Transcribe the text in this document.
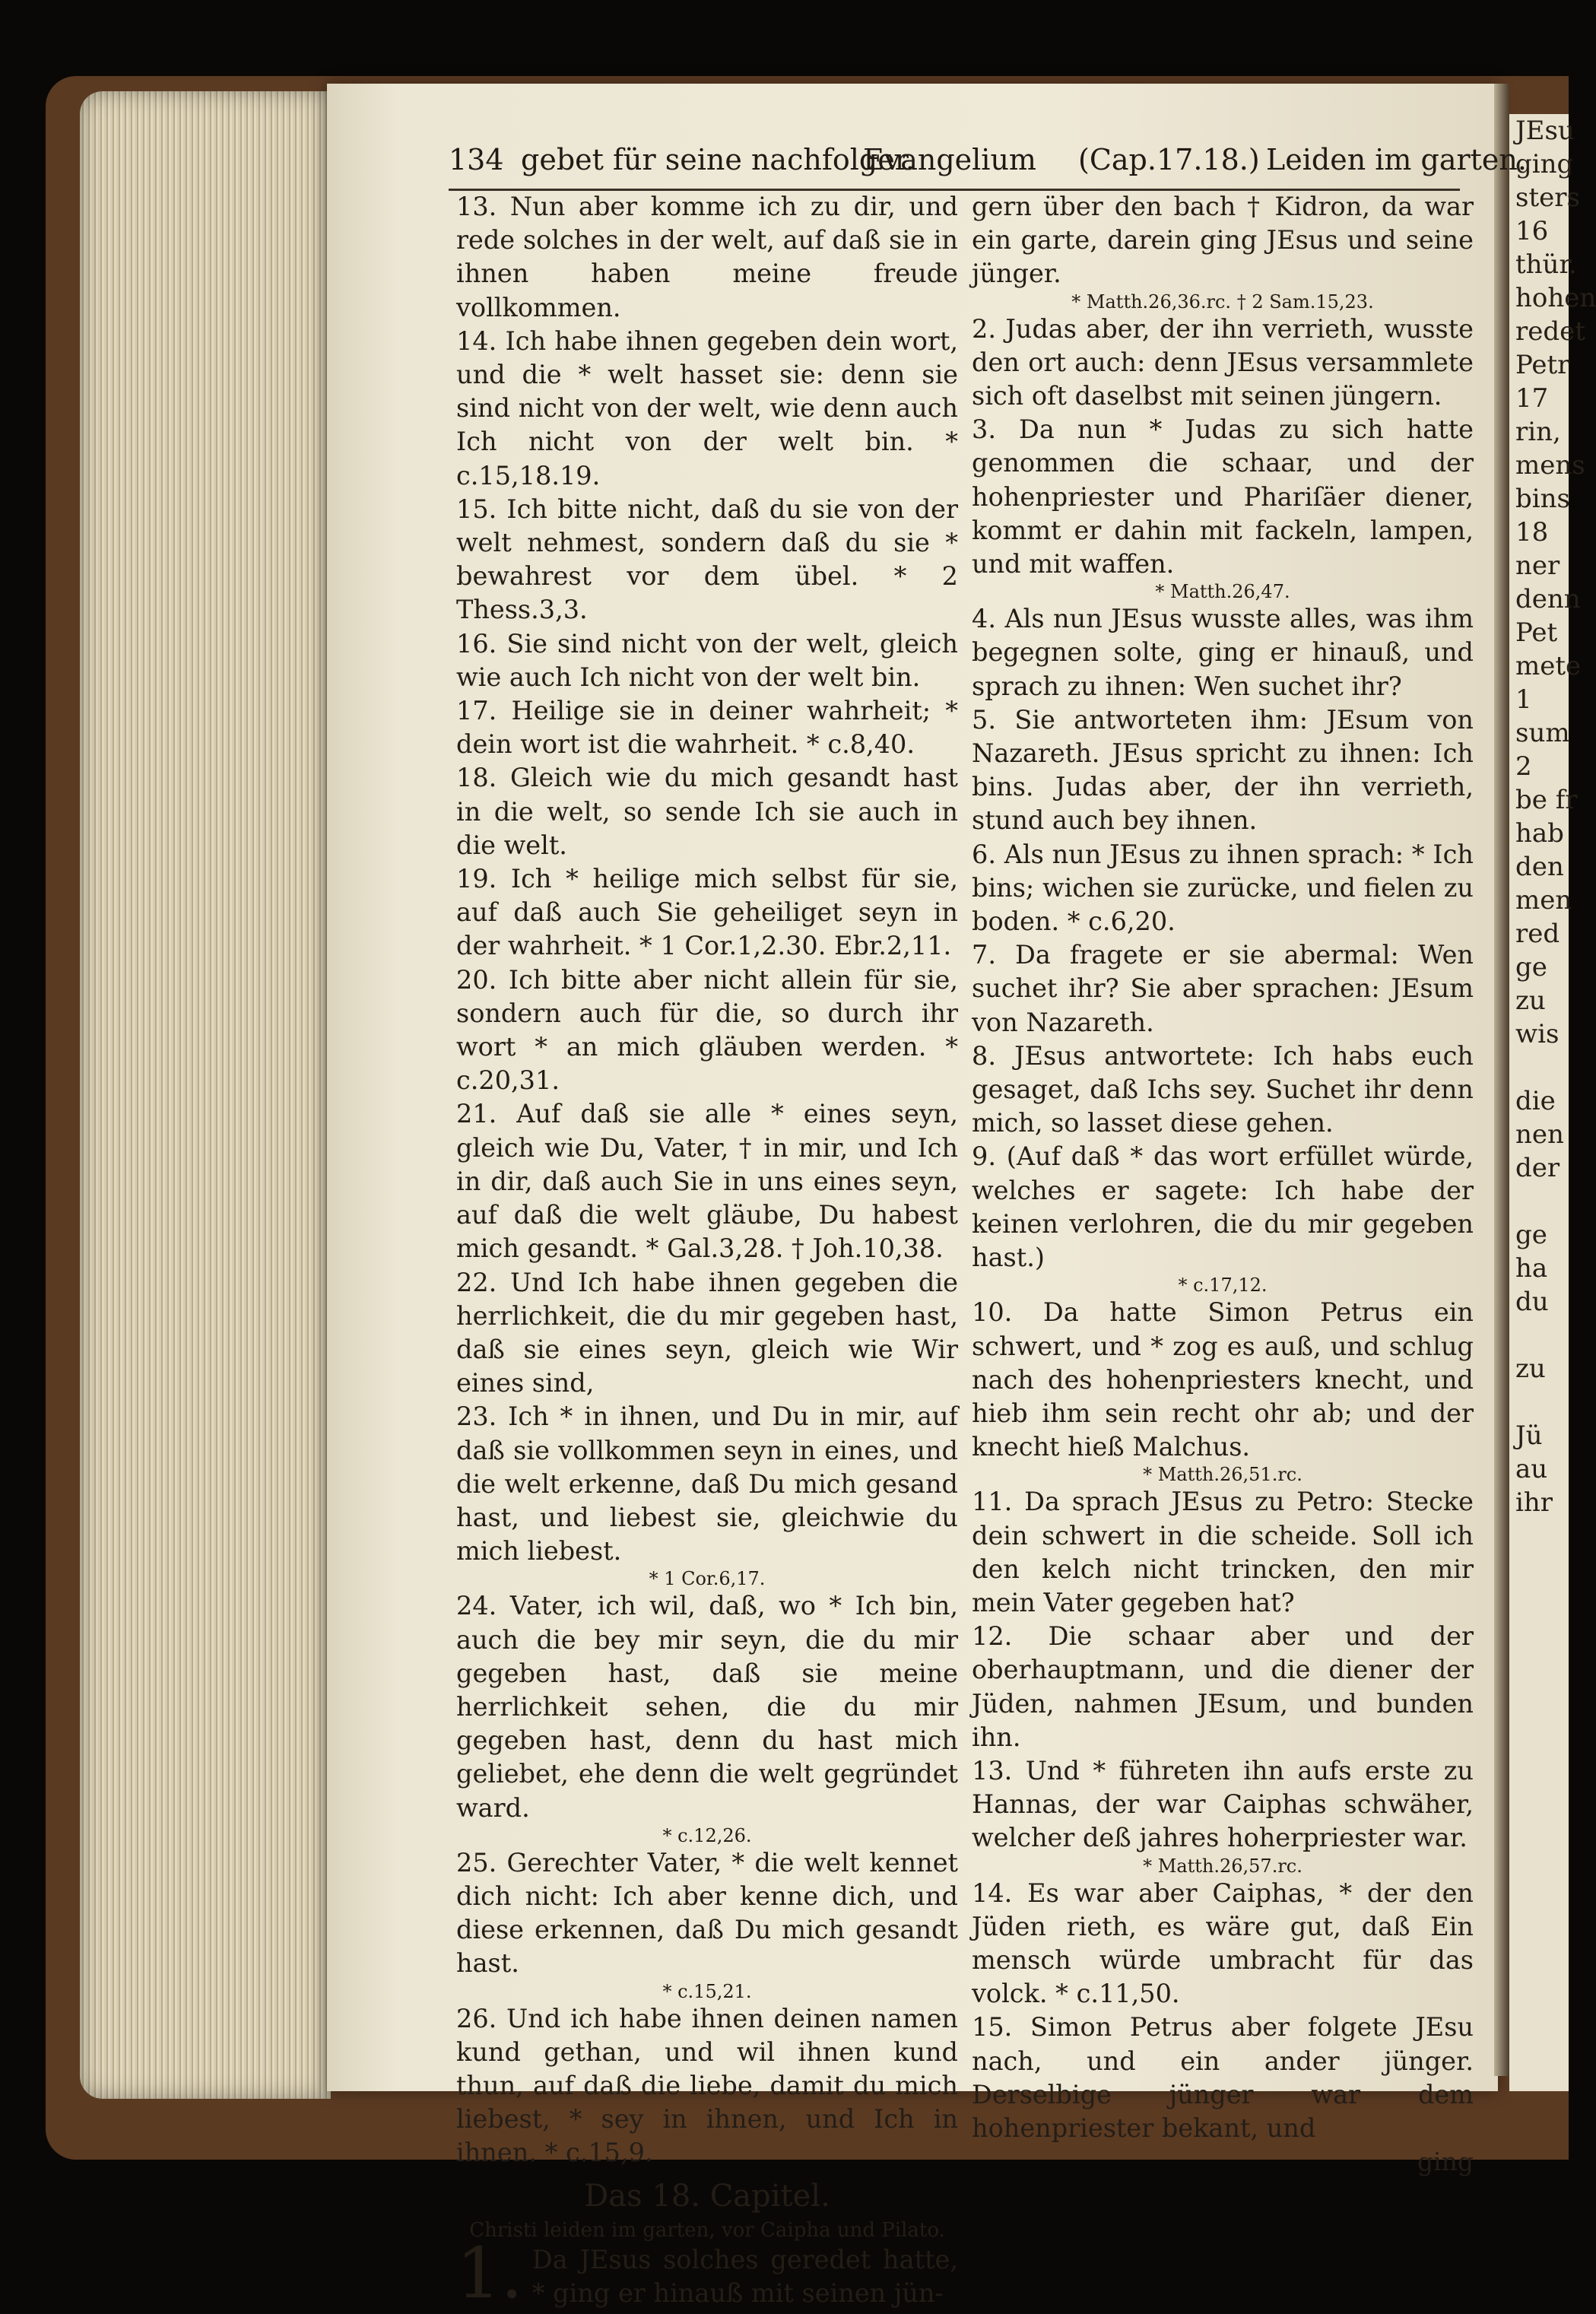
JEsu
ging
sters
16
thür.
hohen
redet
Petr
17
rin,
mens
bins
18
ner
denn
Pet
mete
1
sum
2
be fr
hab
den
men
red
ge
zu
wis

die
nen
der

ge
ha
du

zu

Jü
au
ihr
134 gebet für seine nachfolger.
Evangelium (Cap.17.18.) Leiden im garten.

13. Nun aber komme ich zu dir, und rede solches in der welt, auf daß sie in ihnen haben meine freude vollkommen.

14. Ich habe ihnen gegeben dein wort, und die * welt hasset sie: denn sie sind nicht von der welt, wie denn auch Ich nicht von der welt bin. * c.15,18.19.

15. Ich bitte nicht, daß du sie von der welt nehmest, sondern daß du sie * bewahrest vor dem übel. * 2 Thess.3,3.

16. Sie sind nicht von der welt, gleich wie auch Ich nicht von der welt bin.

17. Heilige sie in deiner wahrheit; * dein wort ist die wahrheit. * c.8,40.

18. Gleich wie du mich gesandt hast in die welt, so sende Ich sie auch in die welt.

19. Ich * heilige mich selbst für sie, auf daß auch Sie geheiliget seyn in der wahrheit. * 1 Cor.1,2.30. Ebr.2,11.

20. Ich bitte aber nicht allein für sie, sondern auch für die, so durch ihr wort * an mich gläuben werden. * c.20,31.

21. Auf daß sie alle * eines seyn, gleich wie Du, Vater, † in mir, und Ich in dir, daß auch Sie in uns eines seyn, auf daß die welt gläube, Du habest mich gesandt. * Gal.3,28. † Joh.10,38.

22. Und Ich habe ihnen gegeben die herrlichkeit, die du mir gegeben hast, daß sie eines seyn, gleich wie Wir eines sind,

23. Ich * in ihnen, und Du in mir, auf daß sie vollkommen seyn in eines, und die welt erkenne, daß Du mich gesand hast, und liebest sie, gleichwie du mich liebest.

* 1 Cor.6,17.

24. Vater, ich wil, daß, wo * Ich bin, auch die bey mir seyn, die du mir gegeben hast, daß sie meine herrlichkeit sehen, die du mir gegeben hast, denn du hast mich geliebet, ehe denn die welt gegründet ward.

* c.12,26.

25. Gerechter Vater, * die welt kennet dich nicht: Ich aber kenne dich, und diese erkennen, daß Du mich gesandt hast.

* c.15,21.

26. Und ich habe ihnen deinen namen kund gethan, und wil ihnen kund thun, auf daß die liebe, damit du mich liebest, * sey in ihnen, und Ich in ihnen. * c.15,9.

Das 18. Capitel.

Christi leiden im garten, vor Caipha und Pilato.

1.Da JEsus solches geredet hatte, * ging er hinauß mit seinen jün-

gern über den bach † Kidron, da war ein garte, darein ging JEsus und seine jünger.

* Matth.26,36.rc. † 2 Sam.15,23.

2. Judas aber, der ihn verrieth, wusste den ort auch: denn JEsus versammlete sich oft daselbst mit seinen jüngern.

3. Da nun * Judas zu sich hatte genommen die schaar, und der hohenpriester und Phariſäer diener, kommt er dahin mit fackeln, lampen, und mit waffen.

* Matth.26,47.

4. Als nun JEsus wusste alles, was ihm begegnen solte, ging er hinauß, und sprach zu ihnen: Wen suchet ihr?

5. Sie antworteten ihm: JEsum von Nazareth. JEsus spricht zu ihnen: Ich bins. Judas aber, der ihn verrieth, stund auch bey ihnen.

6. Als nun JEsus zu ihnen sprach: * Ich bins; wichen sie zurücke, und fielen zu boden. * c.6,20.

7. Da fragete er sie abermal: Wen suchet ihr? Sie aber sprachen: JEsum von Nazareth.

8. JEsus antwortete: Ich habs euch gesaget, daß Ichs sey. Suchet ihr denn mich, so lasset diese gehen.

9. (Auf daß * das wort erfüllet würde, welches er sagete: Ich habe der keinen verlohren, die du mir gegeben hast.)

* c.17,12.

10. Da hatte Simon Petrus ein schwert, und * zog es auß, und schlug nach des hohenpriesters knecht, und hieb ihm sein recht ohr ab; und der knecht hieß Malchus.

* Matth.26,51.rc.

11. Da sprach JEsus zu Petro: Stecke dein schwert in die scheide. Soll ich den kelch nicht trincken, den mir mein Vater gegeben hat?

12. Die schaar aber und der oberhauptmann, und die diener der Jüden, nahmen JEsum, und bunden ihn.

13. Und * führeten ihn aufs erste zu Hannas, der war Caiphas schwäher, welcher deß jahres hoherpriester war.

* Matth.26,57.rc.

14. Es war aber Caiphas, * der den Jüden rieth, es wäre gut, daß Ein mensch würde umbracht für das volck. * c.11,50.

15. Simon Petrus aber folgete JEsu nach, und ein ander jünger. Derselbige jünger war dem hohenpriester bekant, und

ging
